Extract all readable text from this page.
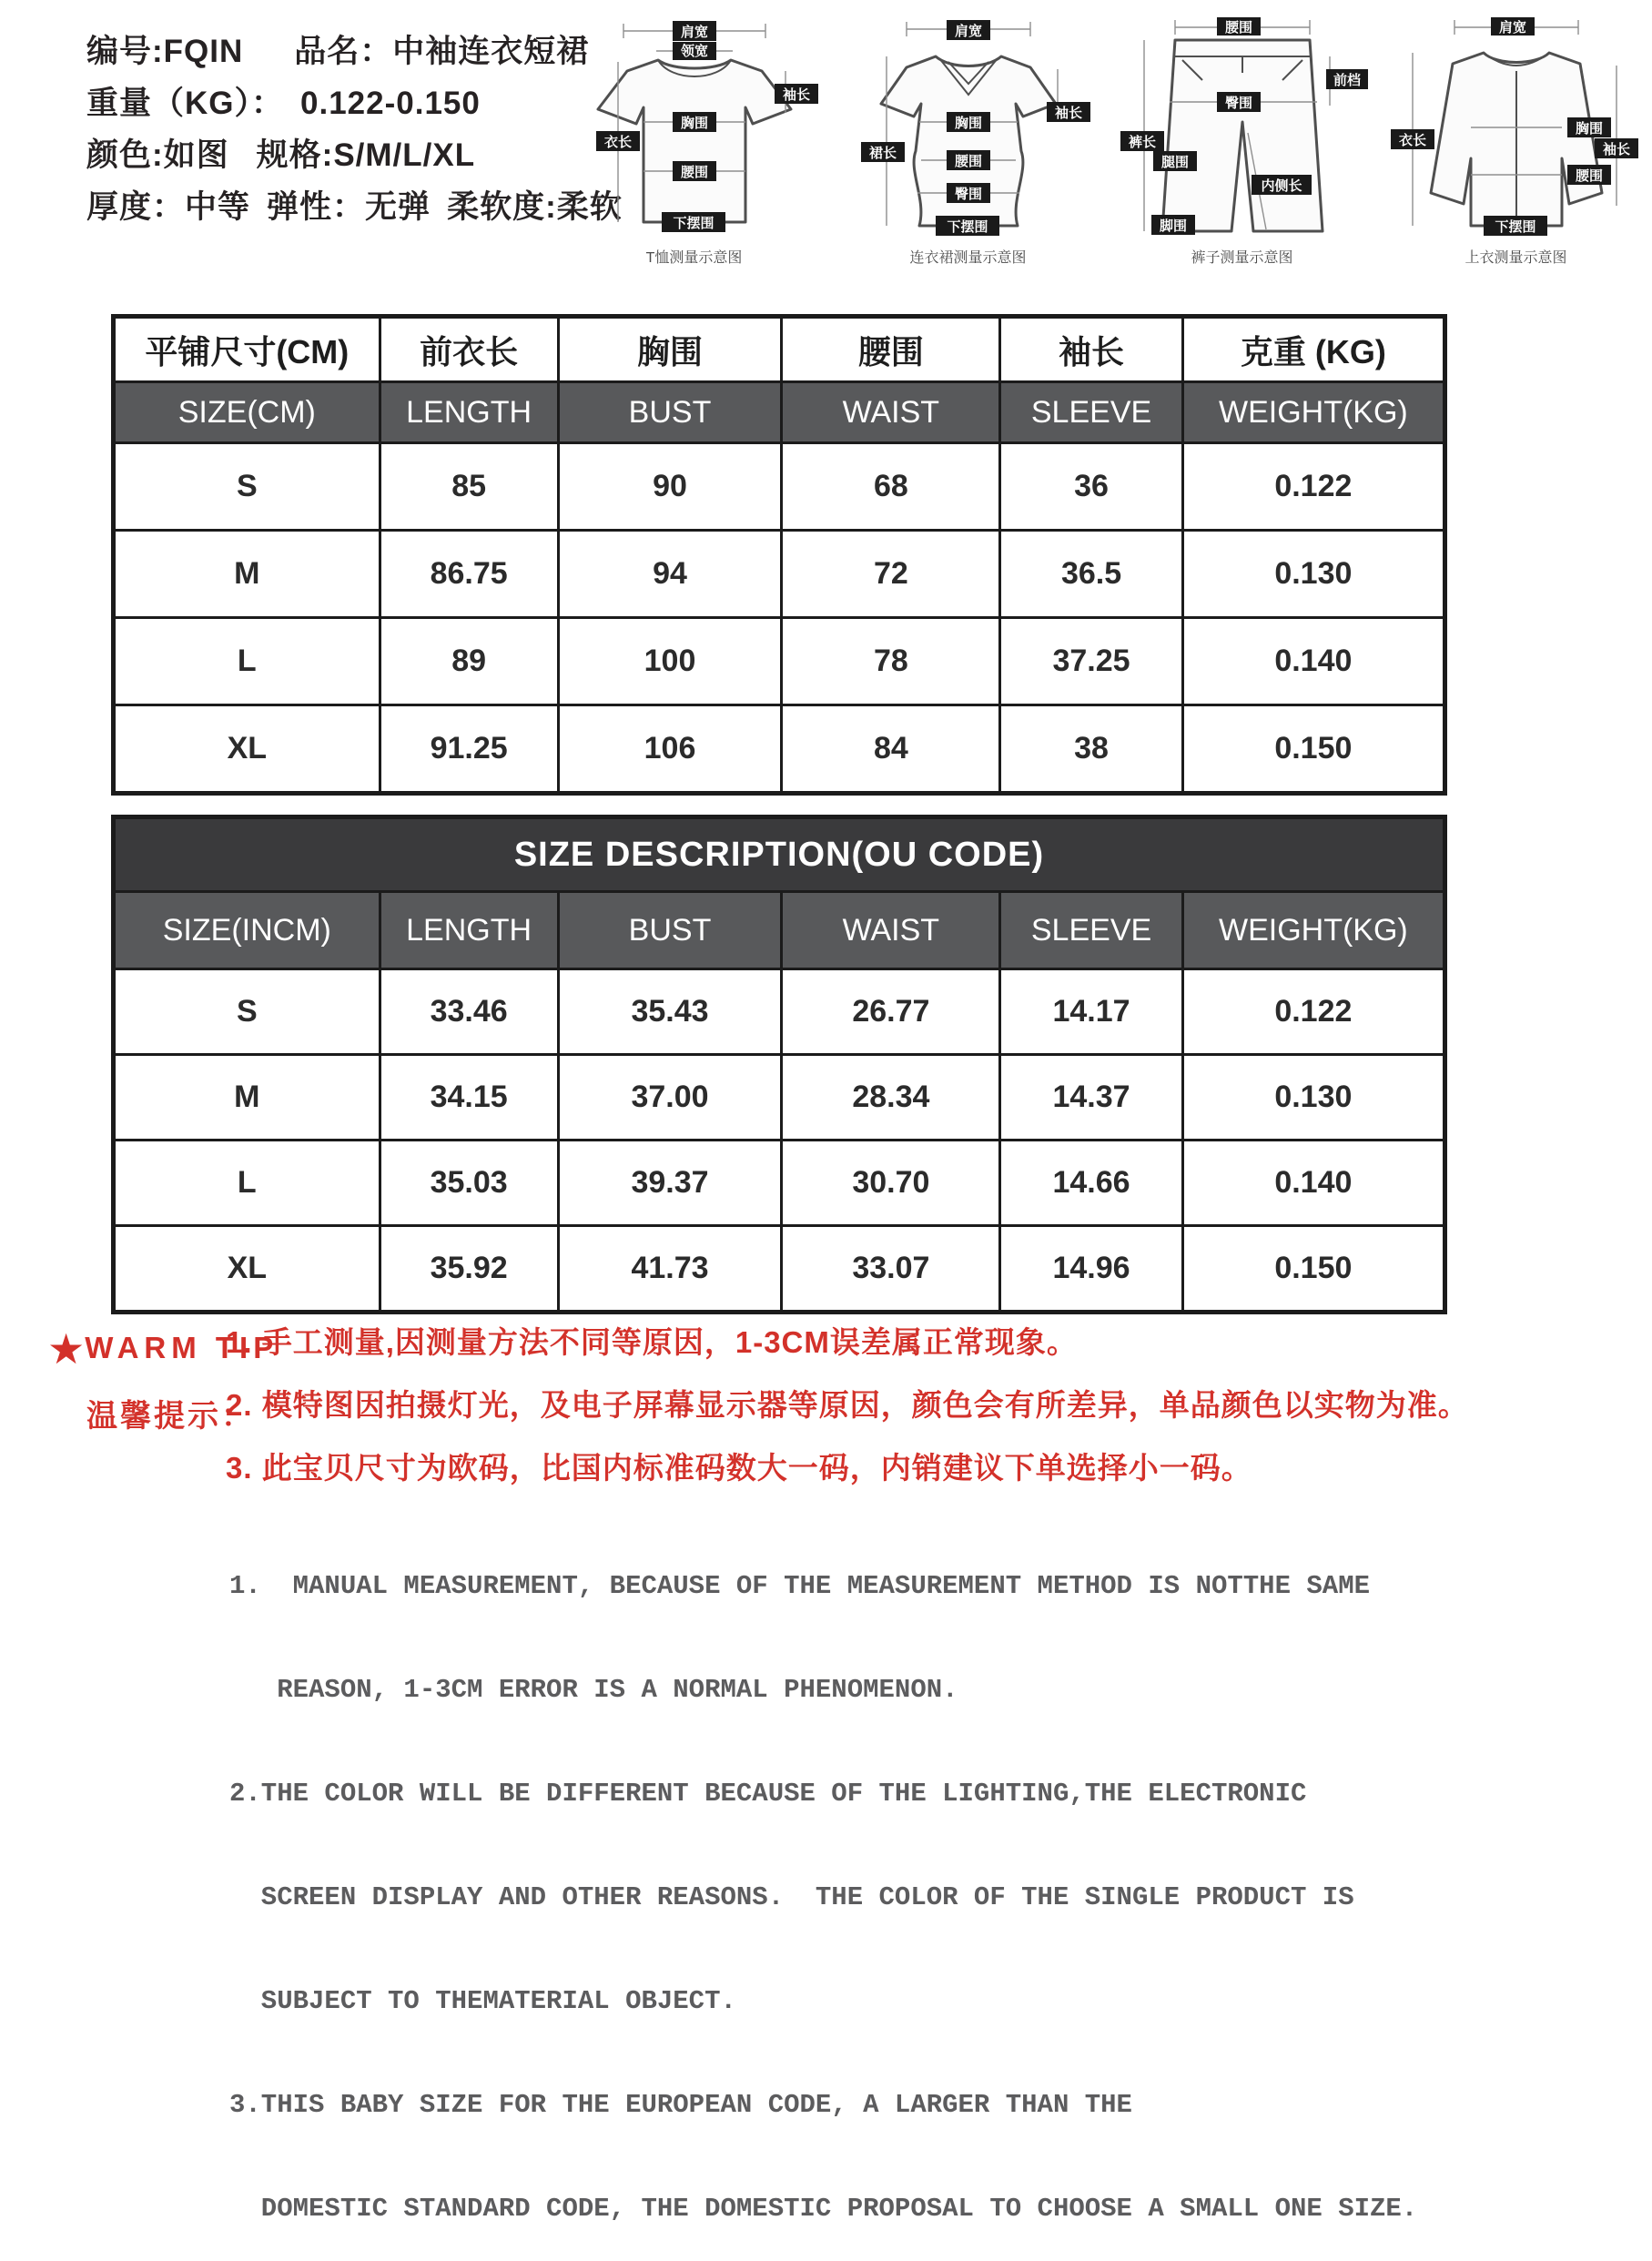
编号:FQIN 品名：中袖连衣短裙
重量（KG）： 0.122-0.150
颜色:如图 规格:S/M/L/XL
厚度：中等 弹性：无弹 柔软度:柔软
肩宽
领宽
胸围
衣长
腰围
袖长
下摆围
T恤测量示意图
肩宽
袖长
胸围
裙长
腰围
臀围
下摆围
连衣裙测量示意图
腰围
前档
臀围
裤长
腿围
内侧长
脚围
裤子测量示意图
肩宽
衣长
胸围
腰围
袖长
下摆围
上衣测量示意图
平铺尺寸(CM)	前衣长	胸围	腰围	袖长	克重 (KG)
SIZE(CM)	LENGTH	BUST	WAIST	SLEEVE	WEIGHT(KG)
S	85	90	68	36	0.122
M	86.75	94	72	36.5	0.130
L	89	100	78	37.25	0.140
XL	91.25	106	84	38	0.150
SIZE DESCRIPTION(OU CODE)					
SIZE(INCM)	LENGTH	BUST	WAIST	SLEEVE	WEIGHT(KG)
S	33.46	35.43	26.77	14.17	0.122
M	34.15	37.00	28.34	14.37	0.130
L	35.03	39.37	30.70	14.66	0.140
XL	35.92	41.73	33.07	14.96	0.150
★WARM TIP
温馨提示：
1. 手工测量,因测量方法不同等原因，1-3CM误差属正常现象。
2. 模特图因拍摄灯光，及电子屏幕显示器等原因，颜色会有所差异，单品颜色以实物为准。
3. 此宝贝尺寸为欧码，比国内标准码数大一码，内销建议下单选择小一码。

1.  MANUAL MEASUREMENT, BECAUSE OF THE MEASUREMENT METHOD IS NOTTHE SAME

REASON, 1-3CM ERROR IS A NORMAL PHENOMENON.

2.THE COLOR WILL BE DIFFERENT BECAUSE OF THE LIGHTING,THE ELECTRONIC

SCREEN DISPLAY AND OTHER REASONS.  THE COLOR OF THE SINGLE PRODUCT IS

SUBJECT TO THEMATERIAL OBJECT.

3.THIS BABY SIZE FOR THE EUROPEAN CODE, A LARGER THAN THE

DOMESTIC STANDARD CODE, THE DOMESTIC PROPOSAL TO CHOOSE A SMALL ONE SIZE.
